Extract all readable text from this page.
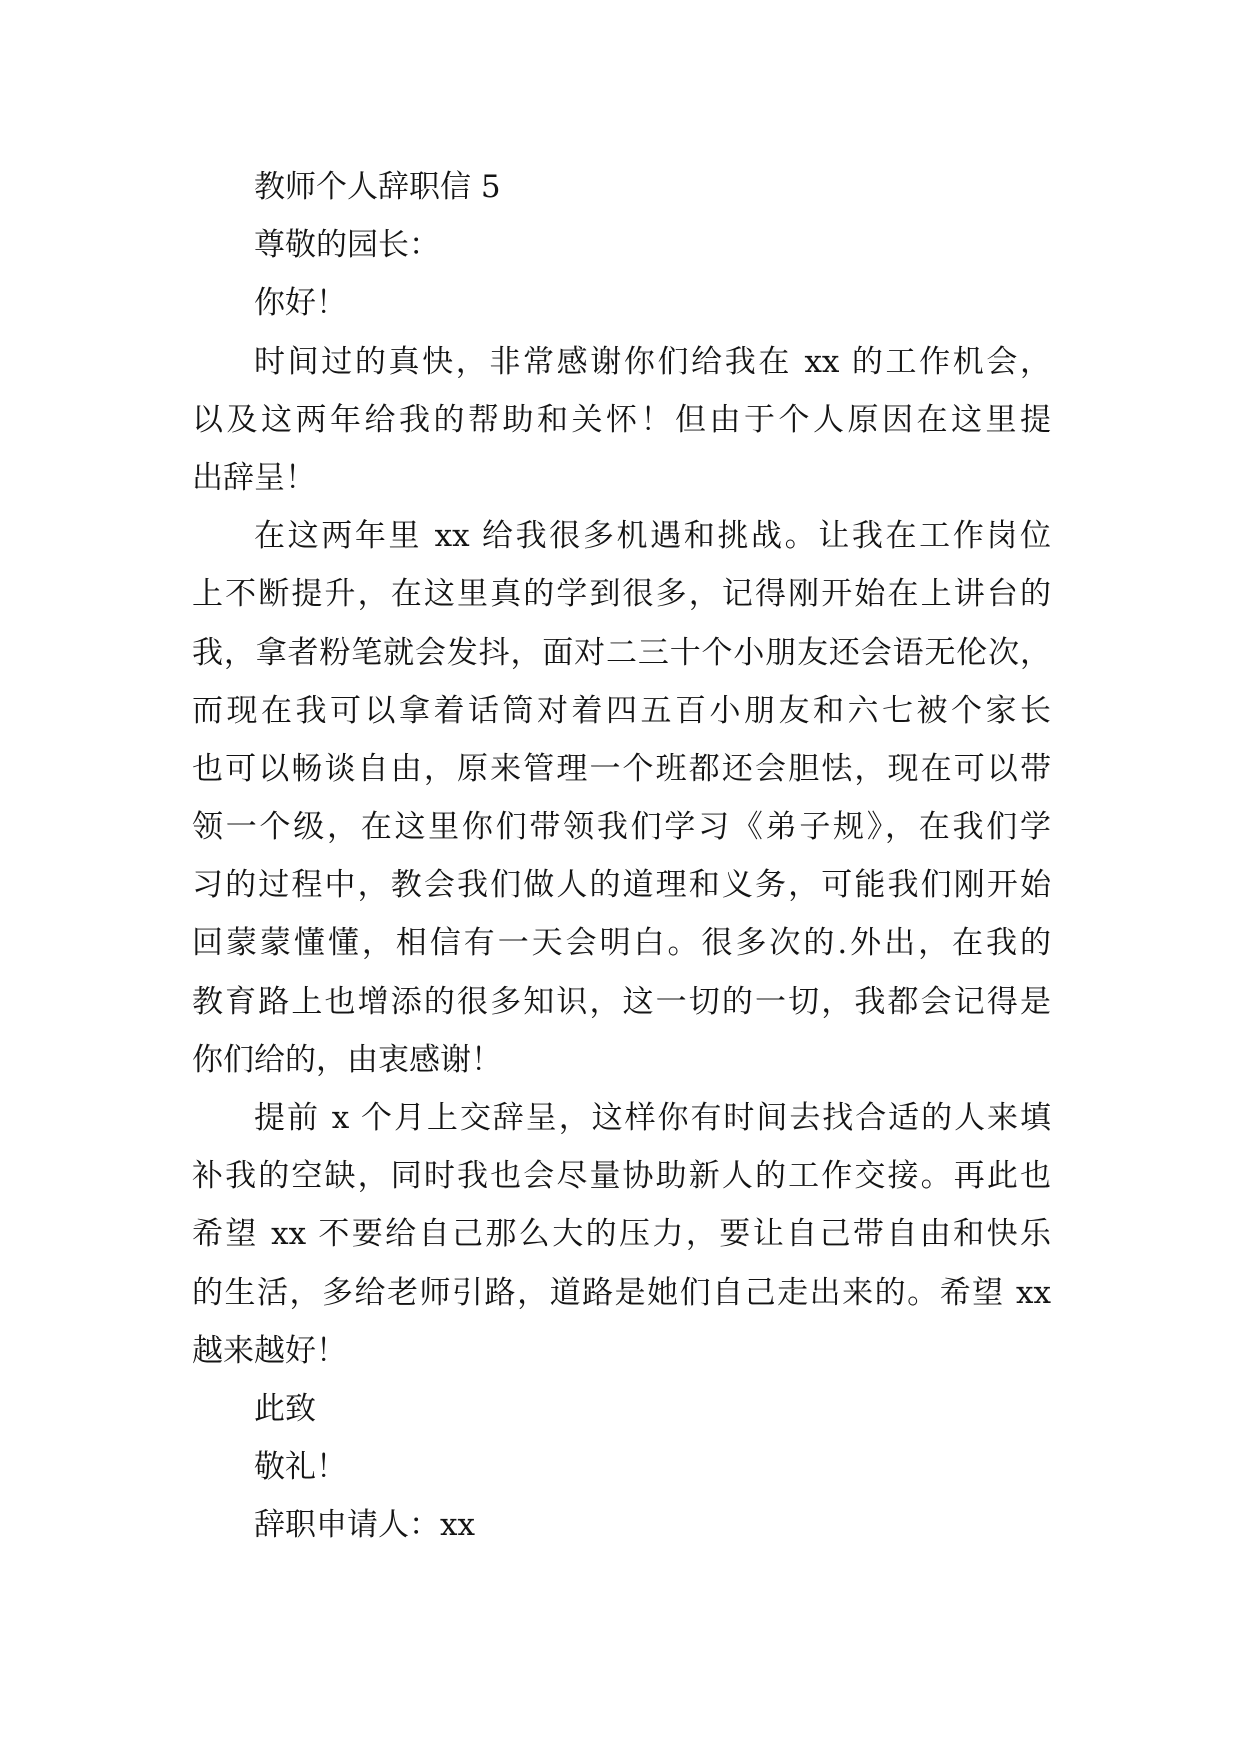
教师个人辞职信 5
尊敬的园长：
你好！
时间过的真快，非常感谢你们给我在 xx 的工作机会，
以及这两年给我的帮助和关怀！但由于个人原因在这里提
出辞呈！
在这两年里 xx 给我很多机遇和挑战。让我在工作岗位
上不断提升，在这里真的学到很多，记得刚开始在上讲台的
我，拿者粉笔就会发抖，面对二三十个小朋友还会语无伦次，
而现在我可以拿着话筒对着四五百小朋友和六七被个家长
也可以畅谈自由，原来管理一个班都还会胆怯，现在可以带
领一个级，在这里你们带领我们学习《弟子规》，在我们学
习的过程中，教会我们做人的道理和义务，可能我们刚开始
回蒙蒙懂懂，相信有一天会明白。很多次的.外出，在我的
教育路上也增添的很多知识，这一切的一切，我都会记得是
你们给的，由衷感谢！
提前 x 个月上交辞呈，这样你有时间去找合适的人来填
补我的空缺，同时我也会尽量协助新人的工作交接。再此也
希望 xx 不要给自己那么大的压力，要让自己带自由和快乐
的生活，多给老师引路，道路是她们自己走出来的。希望 xx
越来越好！
此致
敬礼！
辞职申请人：xx
